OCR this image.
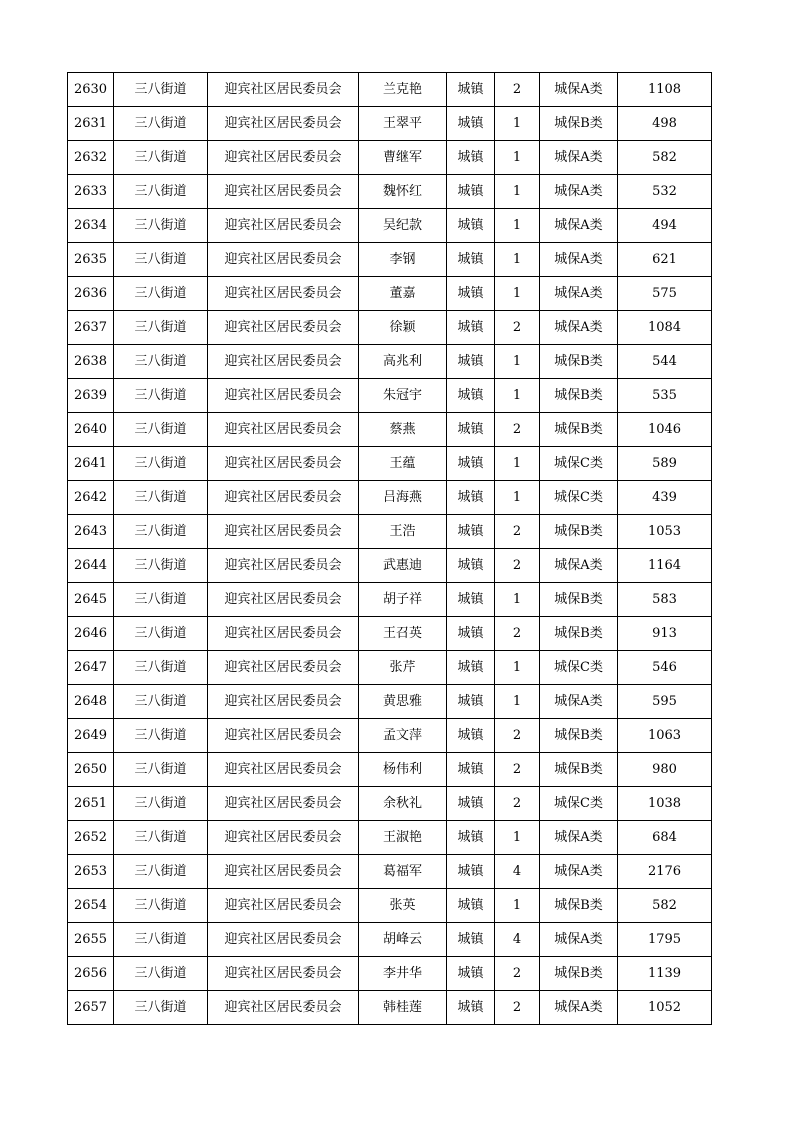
2630	三八街道	迎宾社区居民委员会	兰克艳	城镇	2	城保A类	1108
2631	三八街道	迎宾社区居民委员会	王翠平	城镇	1	城保B类	498
2632	三八街道	迎宾社区居民委员会	曹继军	城镇	1	城保A类	582
2633	三八街道	迎宾社区居民委员会	魏怀红	城镇	1	城保A类	532
2634	三八街道	迎宾社区居民委员会	吴纪款	城镇	1	城保A类	494
2635	三八街道	迎宾社区居民委员会	李钢	城镇	1	城保A类	621
2636	三八街道	迎宾社区居民委员会	董嘉	城镇	1	城保A类	575
2637	三八街道	迎宾社区居民委员会	徐颖	城镇	2	城保A类	1084
2638	三八街道	迎宾社区居民委员会	高兆利	城镇	1	城保B类	544
2639	三八街道	迎宾社区居民委员会	朱冠宇	城镇	1	城保B类	535
2640	三八街道	迎宾社区居民委员会	蔡燕	城镇	2	城保B类	1046
2641	三八街道	迎宾社区居民委员会	王蕴	城镇	1	城保C类	589
2642	三八街道	迎宾社区居民委员会	吕海燕	城镇	1	城保C类	439
2643	三八街道	迎宾社区居民委员会	王浩	城镇	2	城保B类	1053
2644	三八街道	迎宾社区居民委员会	武惠迪	城镇	2	城保A类	1164
2645	三八街道	迎宾社区居民委员会	胡子祥	城镇	1	城保B类	583
2646	三八街道	迎宾社区居民委员会	王召英	城镇	2	城保B类	913
2647	三八街道	迎宾社区居民委员会	张芹	城镇	1	城保C类	546
2648	三八街道	迎宾社区居民委员会	黄思雅	城镇	1	城保A类	595
2649	三八街道	迎宾社区居民委员会	孟文萍	城镇	2	城保B类	1063
2650	三八街道	迎宾社区居民委员会	杨伟利	城镇	2	城保B类	980
2651	三八街道	迎宾社区居民委员会	余秋礼	城镇	2	城保C类	1038
2652	三八街道	迎宾社区居民委员会	王淑艳	城镇	1	城保A类	684
2653	三八街道	迎宾社区居民委员会	葛福军	城镇	4	城保A类	2176
2654	三八街道	迎宾社区居民委员会	张英	城镇	1	城保B类	582
2655	三八街道	迎宾社区居民委员会	胡峰云	城镇	4	城保A类	1795
2656	三八街道	迎宾社区居民委员会	李井华	城镇	2	城保B类	1139
2657	三八街道	迎宾社区居民委员会	韩桂莲	城镇	2	城保A类	1052
